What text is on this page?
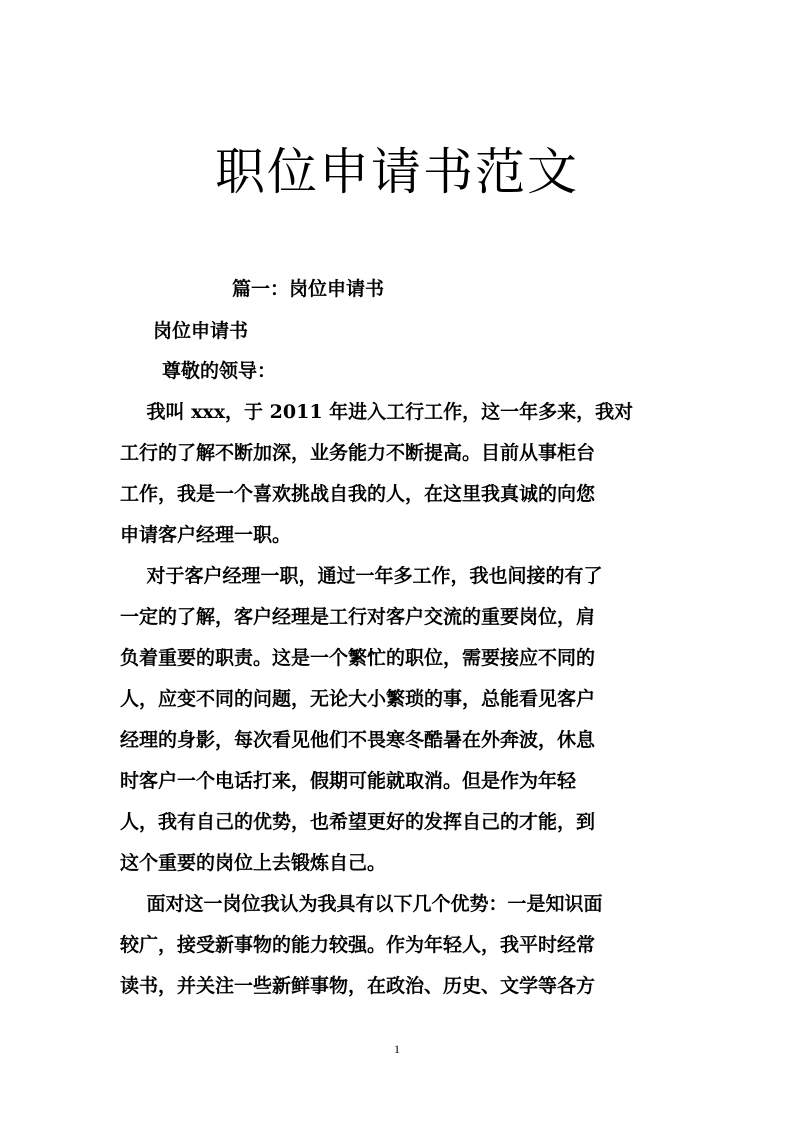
职位申请书范文
篇一：岗位申请书
岗位申请书
尊敬的领导：
我叫 xxx，于 2011 年进入工行工作，这一年多来，我对
工行的了解不断加深，业务能力不断提高。目前从事柜台
工作，我是一个喜欢挑战自我的人，在这里我真诚的向您
申请客户经理一职。
对于客户经理一职，通过一年多工作，我也间接的有了
一定的了解，客户经理是工行对客户交流的重要岗位，肩
负着重要的职责。这是一个繁忙的职位，需要接应不同的
人，应变不同的问题，无论大小繁琐的事，总能看见客户
经理的身影，每次看见他们不畏寒冬酷暑在外奔波，休息
时客户一个电话打来，假期可能就取消。但是作为年轻
人，我有自己的优势，也希望更好的发挥自己的才能，到
这个重要的岗位上去锻炼自己。
面对这一岗位我认为我具有以下几个优势：一是知识面
较广，接受新事物的能力较强。作为年轻人，我平时经常
读书，并关注一些新鲜事物，在政治、历史、文学等各方
1
